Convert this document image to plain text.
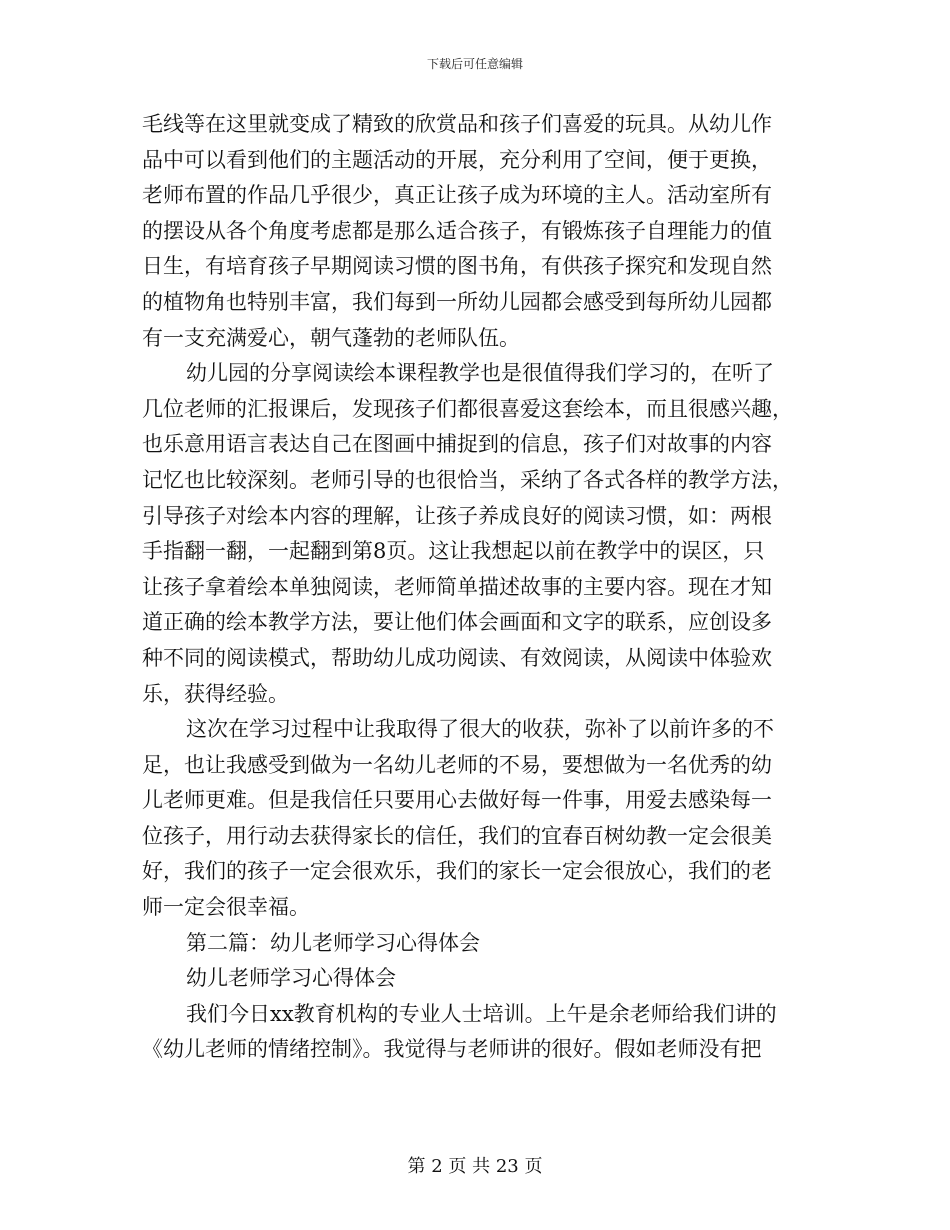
下载后可任意编辑
毛线等在这里就变成了精致的欣赏品和孩子们喜爱的玩具。从幼儿作
品中可以看到他们的主题活动的开展，充分利用了空间，便于更换，
老师布置的作品几乎很少，真正让孩子成为环境的主人。活动室所有
的摆设从各个角度考虑都是那么适合孩子，有锻炼孩子自理能力的值
日生，有培育孩子早期阅读习惯的图书角，有供孩子探究和发现自然
的植物角也特别丰富，我们每到一所幼儿园都会感受到每所幼儿园都
有一支充满爱心，朝气蓬勃的老师队伍。
幼儿园的分享阅读绘本课程教学也是很值得我们学习的，在听了
几位老师的汇报课后，发现孩子们都很喜爱这套绘本，而且很感兴趣，
也乐意用语言表达自己在图画中捕捉到的信息，孩子们对故事的内容
记忆也比较深刻。老师引导的也很恰当，采纳了各式各样的教学方法，
引导孩子对绘本内容的理解，让孩子养成良好的阅读习惯，如：两根
手指翻一翻，一起翻到第8页。这让我想起以前在教学中的误区，只
让孩子拿着绘本单独阅读，老师简单描述故事的主要内容。现在才知
道正确的绘本教学方法，要让他们体会画面和文字的联系，应创设多
种不同的阅读模式，帮助幼儿成功阅读、有效阅读，从阅读中体验欢
乐，获得经验。
这次在学习过程中让我取得了很大的收获，弥补了以前许多的不
足，也让我感受到做为一名幼儿老师的不易，要想做为一名优秀的幼
儿老师更难。但是我信任只要用心去做好每一件事，用爱去感染每一
位孩子，用行动去获得家长的信任，我们的宜春百树幼教一定会很美
好，我们的孩子一定会很欢乐，我们的家长一定会很放心，我们的老
师一定会很幸福。
第二篇：幼儿老师学习心得体会
幼儿老师学习心得体会
我们今日xx教育机构的专业人士培训。上午是余老师给我们讲的
《幼儿老师的情绪控制》。我觉得与老师讲的很好。假如老师没有把
第 2 页 共 23 页
